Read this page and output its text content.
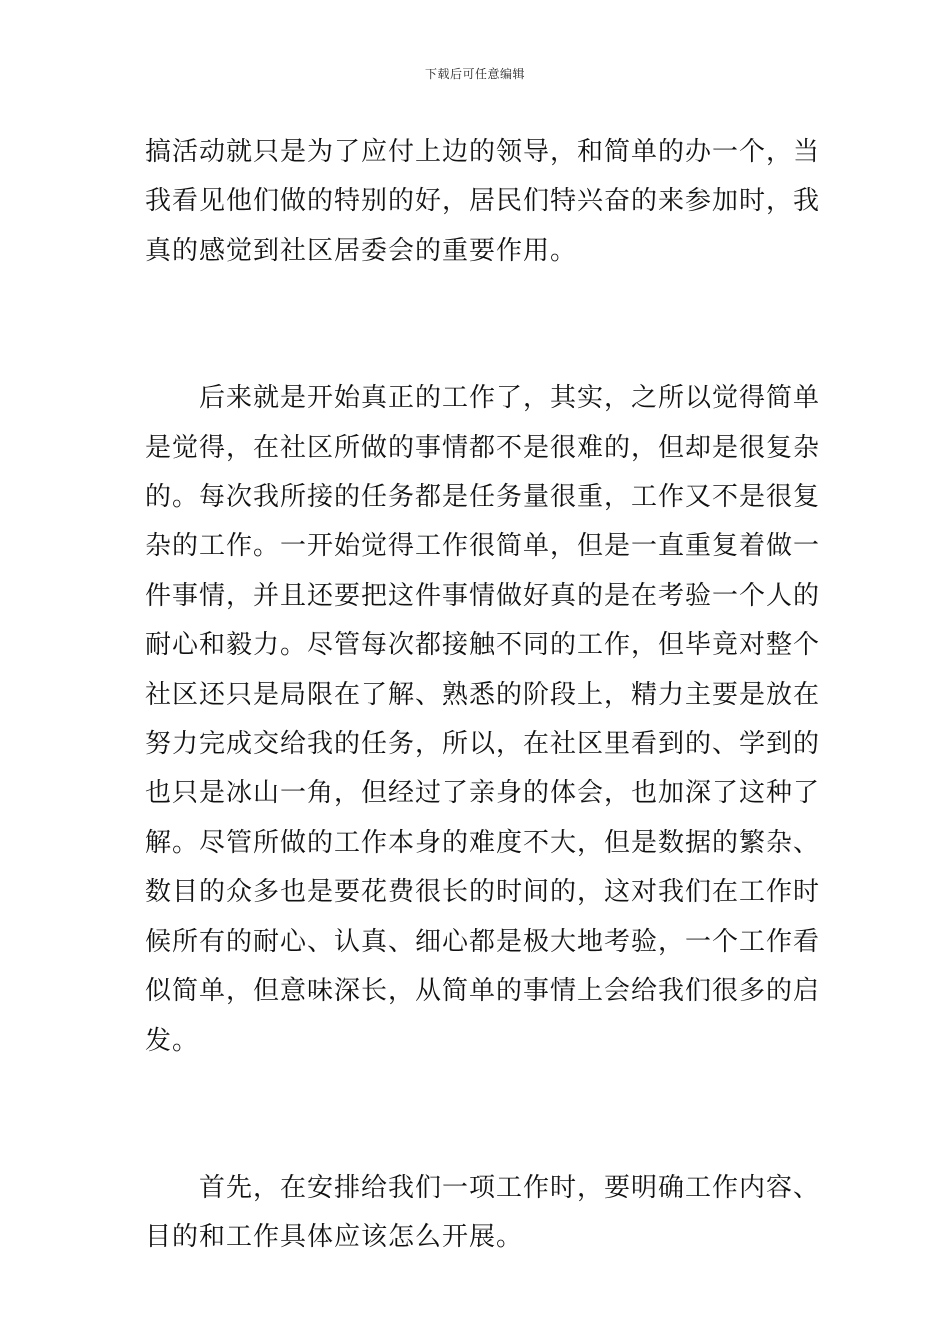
下载后可任意编辑
搞活动就只是为了应付上边的领导，和简单的办一个，当
我看见他们做的特别的好，居民们特兴奋的来参加时，我
真的感觉到社区居委会的重要作用。
　　后来就是开始真正的工作了，其实，之所以觉得简单
是觉得，在社区所做的事情都不是很难的，但却是很复杂
的。每次我所接的任务都是任务量很重，工作又不是很复
杂的工作。一开始觉得工作很简单，但是一直重复着做一
件事情，并且还要把这件事情做好真的是在考验一个人的
耐心和毅力。尽管每次都接触不同的工作，但毕竟对整个
社区还只是局限在了解、熟悉的阶段上，精力主要是放在
努力完成交给我的任务，所以，在社区里看到的、学到的
也只是冰山一角，但经过了亲身的体会，也加深了这种了
解。尽管所做的工作本身的难度不大，但是数据的繁杂、
数目的众多也是要花费很长的时间的，这对我们在工作时
候所有的耐心、认真、细心都是极大地考验，一个工作看
似简单，但意味深长，从简单的事情上会给我们很多的启
发。
　　首先，在安排给我们一项工作时，要明确工作内容、
目的和工作具体应该怎么开展。
